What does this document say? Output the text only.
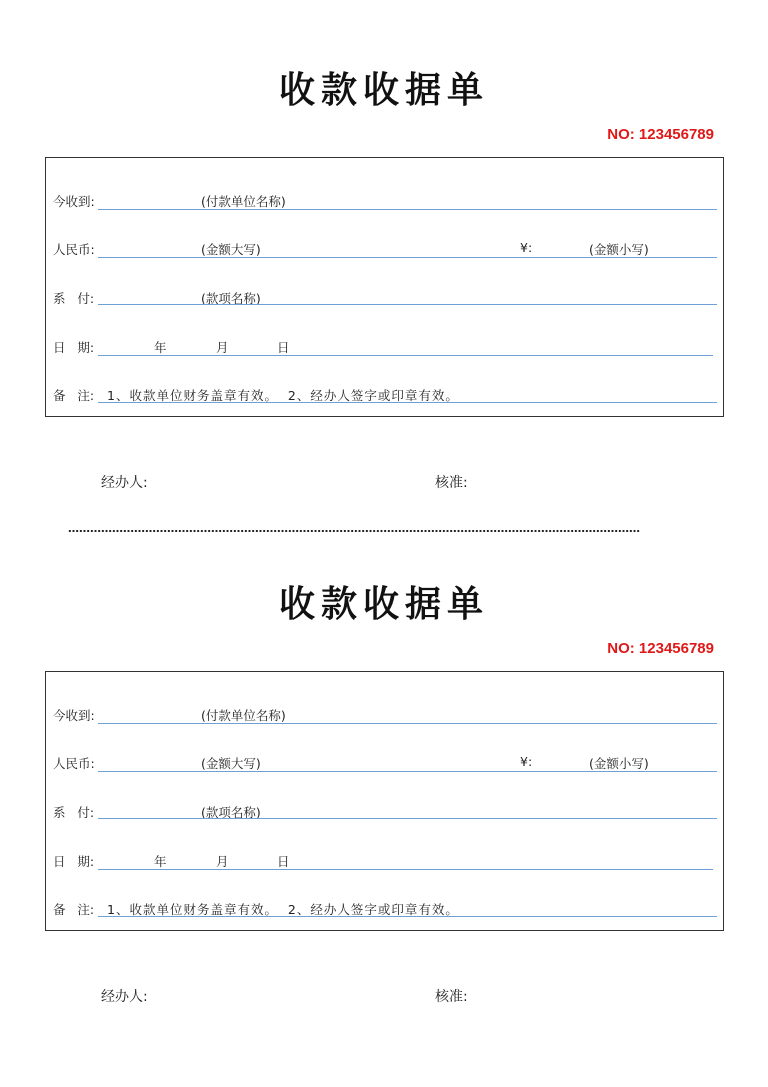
收款收据单
NO: 123456789
今收到:	(付款单位名称)
人民币:	(金额大写)	¥:	(金额小写)
系   付:	(款项名称)
日   期:	年	月	日
备   注: 1、收款单位财务盖章有效。  2、经办人签字或印章有效。
经办人:	核准:
…………………………………………………………………………………………………………………………………………
收款收据单
NO: 123456789
今收到:	(付款单位名称)
人民币:	(金额大写)	¥:	(金额小写)
系   付:	(款项名称)
日   期:	年	月	日
备   注: 1、收款单位财务盖章有效。  2、经办人签字或印章有效。
经办人:	核准:
